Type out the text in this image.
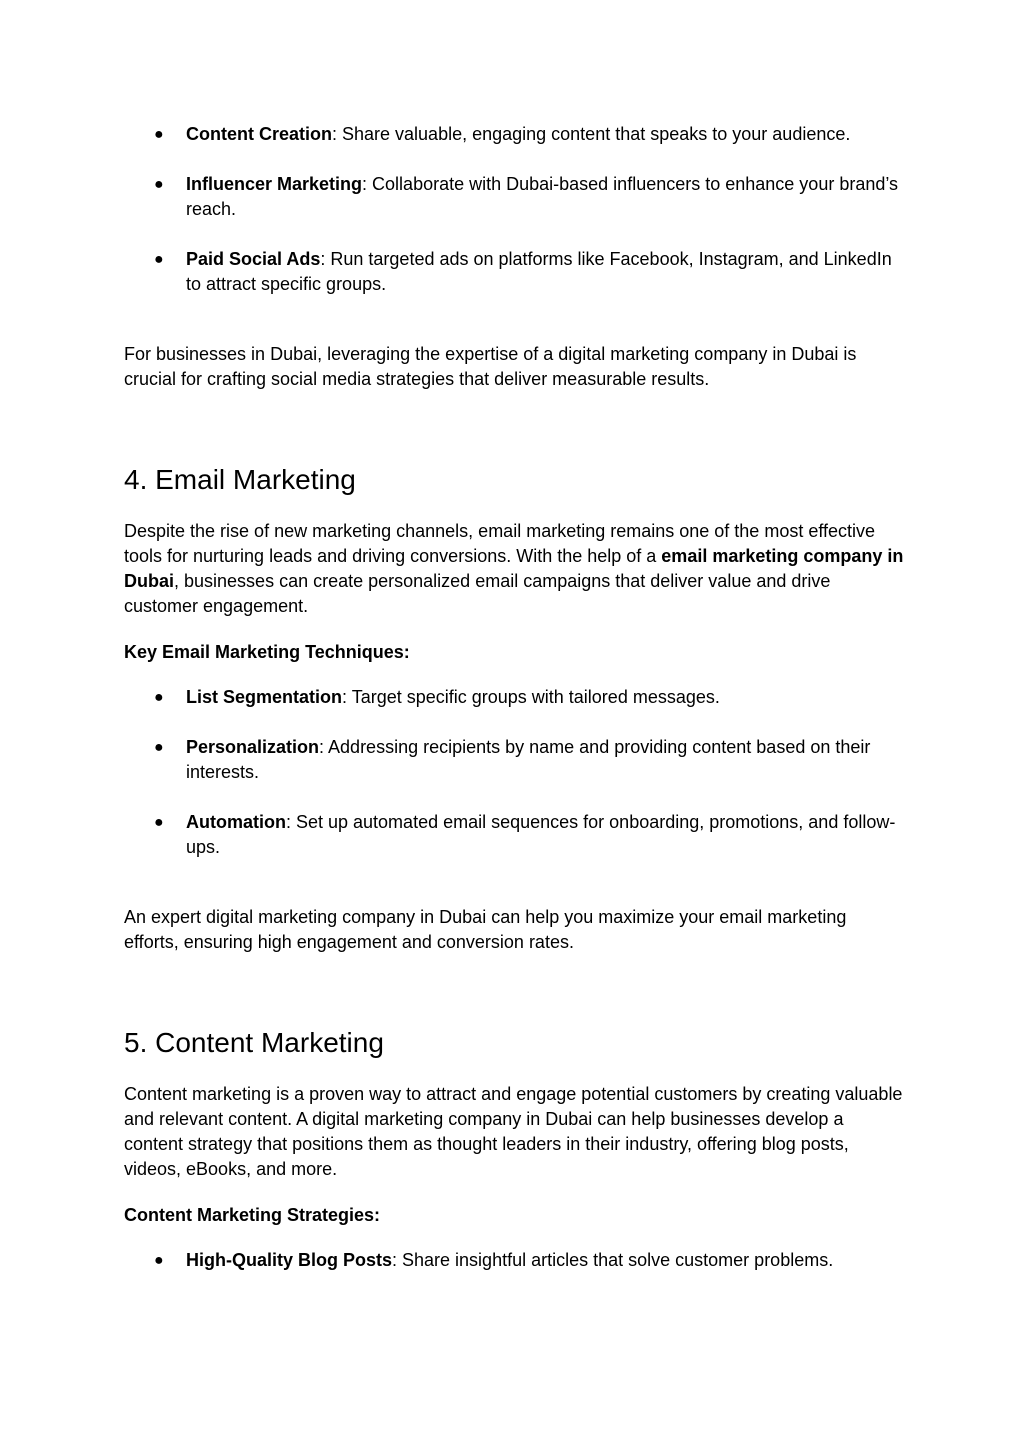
● Content Creation: Share valuable, engaging content that speaks to your audience.
● Influencer Marketing: Collaborate with Dubai-based influencers to enhance your brand’s reach.
● Paid Social Ads: Run targeted ads on platforms like Facebook, Instagram, and LinkedIn to attract specific groups.

For businesses in Dubai, leveraging the expertise of a digital marketing company in Dubai is crucial for crafting social media strategies that deliver measurable results.

4. Email Marketing

Despite the rise of new marketing channels, email marketing remains one of the most effective tools for nurturing leads and driving conversions. With the help of a email marketing company in Dubai, businesses can create personalized email campaigns that deliver value and drive customer engagement.

Key Email Marketing Techniques:
● List Segmentation: Target specific groups with tailored messages.
● Personalization: Addressing recipients by name and providing content based on their interests.
● Automation: Set up automated email sequences for onboarding, promotions, and follow-ups.

An expert digital marketing company in Dubai can help you maximize your email marketing efforts, ensuring high engagement and conversion rates.

5. Content Marketing

Content marketing is a proven way to attract and engage potential customers by creating valuable and relevant content. A digital marketing company in Dubai can help businesses develop a content strategy that positions them as thought leaders in their industry, offering blog posts, videos, eBooks, and more.

Content Marketing Strategies:
● High-Quality Blog Posts: Share insightful articles that solve customer problems.
